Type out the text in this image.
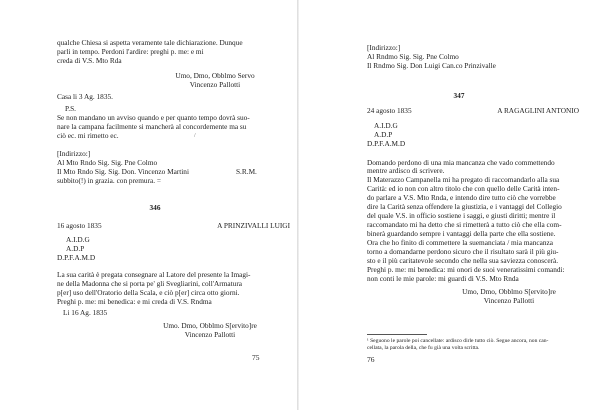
qualche Chiesa si aspetta veramente tale dichiarazione. Dunque
parli in tempo. Perdoni l'ardire: preghi p. me: e mi
creda di V.S. Mto Rda
Umo, Dmo, Obblmo Servo
Vincenzo Pallotti
Casa li 3 Ag. 1835.
P.S.
Se non mandano un avviso quando e per quanto tempo dovrà suo-
nare la campana facilmente si mancherà al concordemente ma su
ciò ec. mi rimetto ec.	/
[Indirizzo:]
Al Mto Rndo Sig. Sig. Pne Colmo
Il Mto Rndo Sig. Sig. Don. Vincenzo Martini	S.R.M.
subbito(!) in grazia. con premura. =
346
16 agosto 1835	A PRINZIVALLI LUIGI
A.I.D.G
A.D.P
D.P.F.A.M.D
La sua carità è pregata consegnare al Latore del presente la Imagi-
ne della Madonna che si porta pe' gli Svegliarini, coll'Armatura
p[er] uso dell'Oratorio della Scala, e ciò p[er] circa otto giorni.
Preghi p. me: mi benedica: e mi creda di V.S. Rndma
Li 16 Ag. 1835
Umo. Dmo, Obblmo S[ervito]re
Vincenzo Pallotti
75
[Indirizzo:]
Al Rndmo Sig. Sig. Pne Colmo
Il Rndmo Sig. Don Luigi Can.co Prinzivalle
347
24 agosto 1835	A RAGAGLINI ANTONIO
A.I.D.G
A.D.P
D.P.F.A.M.D
Domando perdono di una mia mancanza che vado commettendo
mentre ardisco di scrivere.
Il Materazzo Campanella mi ha pregato di raccomandarlo alla sua
Carità: ed io non con altro titolo che con quello delle Carità inten-
do parlare a V.S. Mto Rnda, e intendo dire tutto ciò che vorrebbe
dire la Carità senza offendere la giustizia, e i vantaggi del Collegio
del quale V.S. in officio sostiene i saggi, e giusti diritti; mentre il
raccomandato mi ha detto che si rimetterà a tutto ciò che ella com-
binerà guardando sempre i vantaggi della parte che ella sostiene.
Ora che ho finito di commettere la suemanciata / mia mancanza
torno a domandarne perdono sicuro che il risultato sarà il più giu-
sto e il più caritatevole secondo che nella sua saviezza conoscerà.
Preghi p. me: mi benedica: mi onori de suoi veneratissimi comandi:
non conti le mie parole: mi guardi di V.S. Mto Rnda
Umo, Dmo, Obblmo S[ervito]re
Vincenzo Pallotti
¹ Seguono le parole poi cancellate: ardisco dirle tutto ciò. Segue ancora, non can-
cellata, la parola della, che fu già una volta scritta.
76
